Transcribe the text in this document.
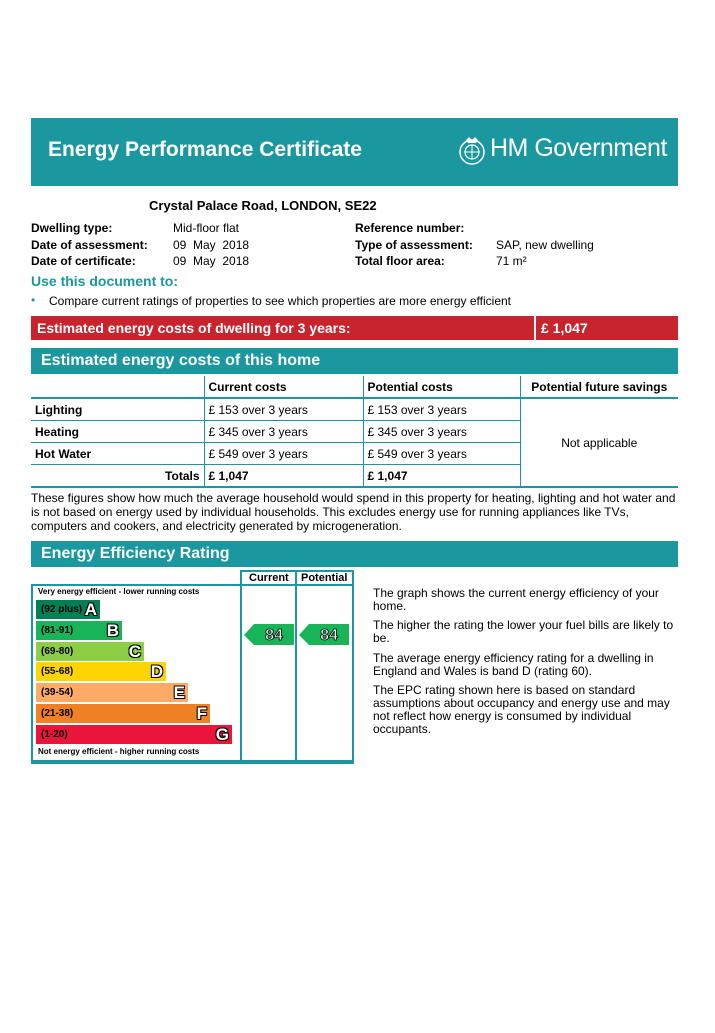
Energy Performance Certificate	HM Government
Crystal Palace Road, LONDON, SE22
Dwelling type:	Mid-floor flat
Date of assessment: 09  May  2018
Date of certificate:	09  May  2018
Reference number:
Type of assessment: SAP, new dwelling
Total floor area:	71 m²
Use this document to:
• Compare current ratings of properties to see which properties are more energy efficient
Estimated energy costs of dwelling for 3 years:	£ 1,047
Estimated energy costs of this home
	Current costs	Potential costs	Potential future savings
Lighting	£ 153 over 3 years	£ 153 over 3 years	Not applicable
Heating	£ 345 over 3 years	£ 345 over 3 years	
Hot Water	£ 549 over 3 years	£ 549 over 3 years	
Totals	£ 1,047	£ 1,047	
These figures show how much the average household would spend in this property for heating, lighting and hot water and is not based on energy used by individual households. This excludes energy use for running appliances like TVs, computers and cookers, and electricity generated by microgeneration.
Energy Efficiency Rating
Current Potential
Very energy efficient - lower running costs
Not energy efficient - higher running costs
(92 plus) A
(81-91) B
(69-80)	C
(55-68)	D
(39-54)	E
(21-38)	F
(1-20)	G
84 84
The graph shows the current energy efficiency of your home.
The higher the rating the lower your fuel bills are likely to be.
The average energy efficiency rating for a dwelling in England and Wales is band D (rating 60).
The EPC rating shown here is based on standard assumptions about occupancy and energy use and may not reflect how energy is consumed by individual occupants.
